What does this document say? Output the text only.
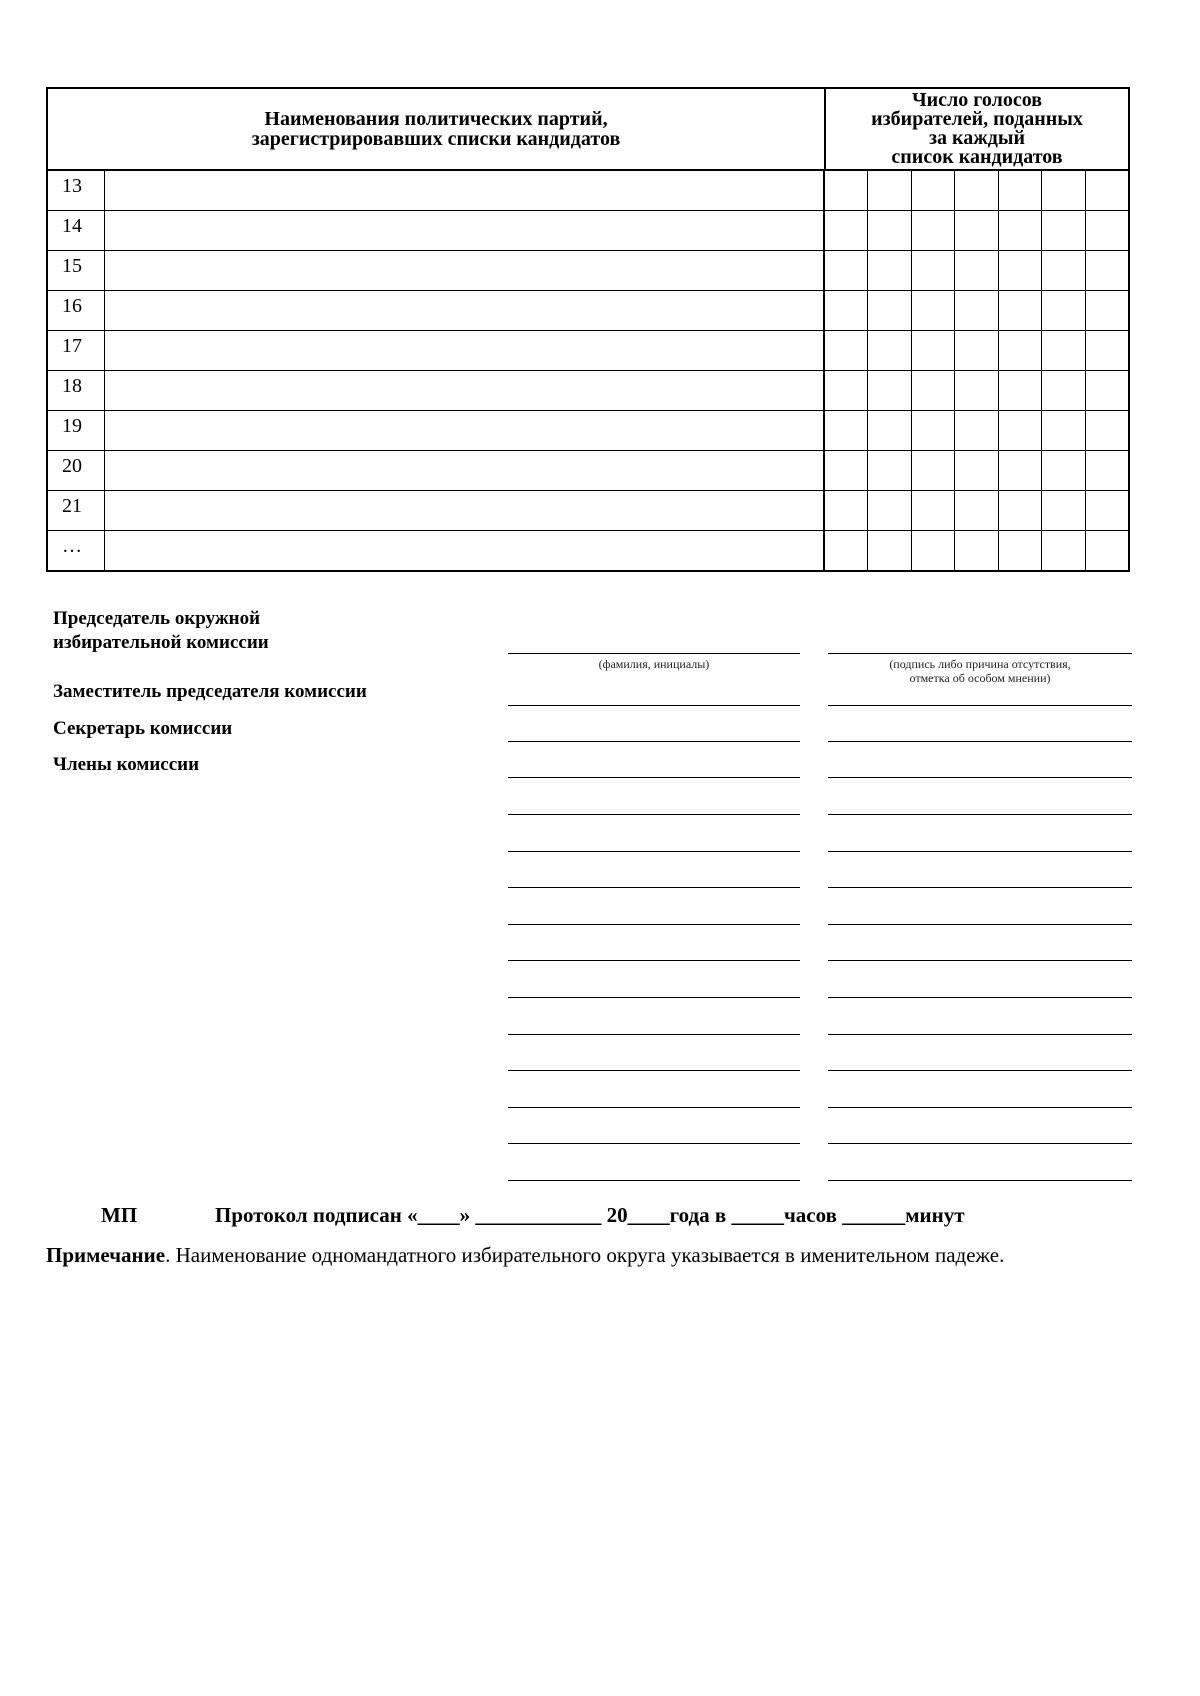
Наименования политических партий,
зарегистрировавших списки кандидатов
Число голосов
избирателей, поданных
за каждый
список кандидатов
13
14
15
16
17
18
19
20
21
…
Председатель окружной
избирательной комиссии
Заместитель председателя комиссии
Секретарь комиссии
Члены комиссии
(фамилия, инициалы)	(подпись либо причина отсутствия,
отметка об особом мнении)
МП	Протокол подписан «____» ____________ 20____года в _____часов ______минут
Примечание. Наименование одномандатного избирательного округа указывается в именительном падеже.
